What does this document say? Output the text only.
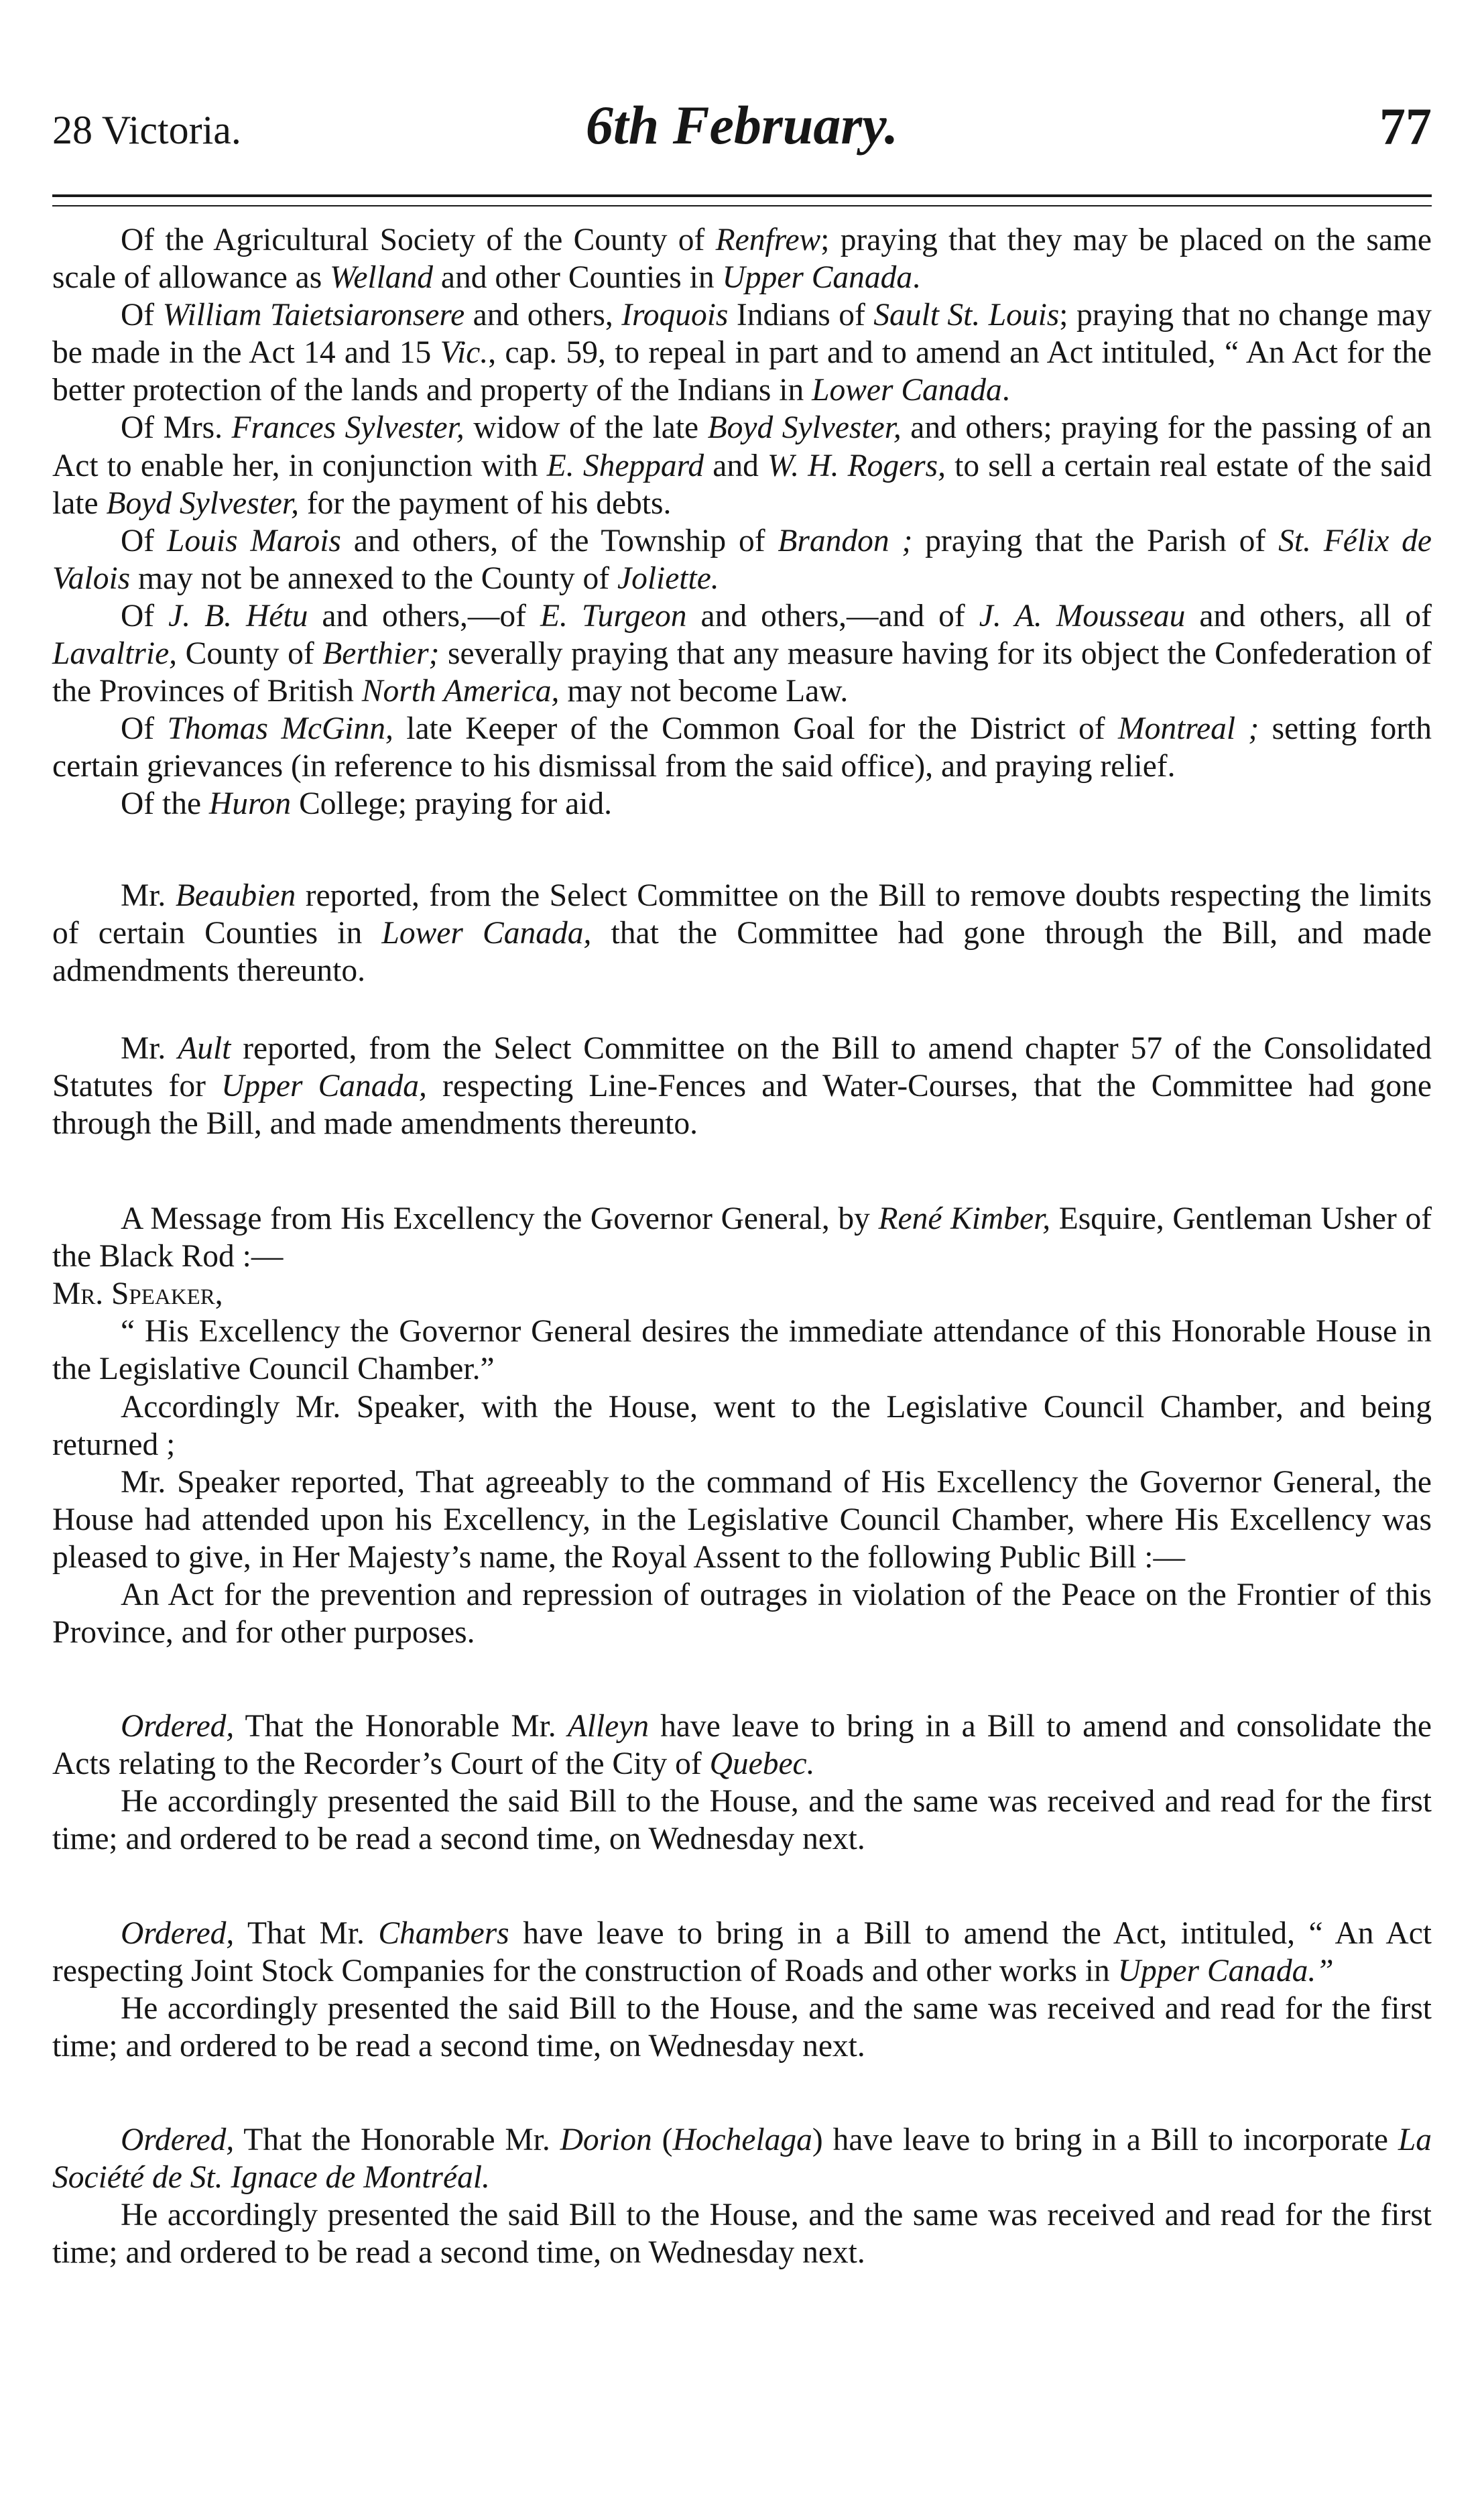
28 Victoria.	6th February.	77

Of the Agricultural Society of the County of Renfrew; praying that they may be placed on the same scale of allowance as Welland and other Counties in Upper Canada.

Of William Taietsiaronsere and others, Iroquois Indians of Sault St. Louis; praying that no change may be made in the Act 14 and 15 Vic., cap. 59, to repeal in part and to amend an Act intituled, “ An Act for the better protection of the lands and property of the Indians in Lower Canada.

Of Mrs. Frances Sylvester, widow of the late Boyd Sylvester, and others; praying for the passing of an Act to enable her, in conjunction with E. Sheppard and W. H. Rogers, to sell a certain real estate of the said late Boyd Sylvester, for the payment of his debts.

Of Louis Marois and others, of the Township of Brandon ; praying that the Parish of St. Félix de Valois may not be annexed to the County of Joliette.

Of J. B. Hétu and others,—of E. Turgeon and others,—and of J. A. Mousseau and others, all of Lavaltrie, County of Berthier; severally praying that any measure having for its object the Confederation of the Provinces of British North America, may not become Law.

Of Thomas McGinn, late Keeper of the Common Goal for the District of Montreal ; setting forth certain grievances (in reference to his dismissal from the said office), and praying relief.

Of the Huron College; praying for aid.

Mr. Beaubien reported, from the Select Committee on the Bill to remove doubts respecting the limits of certain Counties in Lower Canada, that the Committee had gone through the Bill, and made admendments thereunto.

Mr. Ault reported, from the Select Committee on the Bill to amend chapter 57 of the Consolidated Statutes for Upper Canada, respecting Line-Fences and Water-Courses, that the Committee had gone through the Bill, and made amendments thereunto.

A Message from His Excellency the Governor General, by René Kimber, Esquire, Gentleman Usher of the Black Rod :—

Mr. Speaker,

“ His Excellency the Governor General desires the immediate attendance of this Honorable House in the Legislative Council Chamber.”

Accordingly Mr. Speaker, with the House, went to the Legislative Council Chamber, and being returned ;

Mr. Speaker reported, That agreeably to the command of His Excellency the Governor General, the House had attended upon his Excellency, in the Legislative Council Chamber, where His Excellency was pleased to give, in Her Majesty’s name, the Royal Assent to the following Public Bill :—

An Act for the prevention and repression of outrages in violation of the Peace on the Frontier of this Province, and for other purposes.

Ordered, That the Honorable Mr. Alleyn have leave to bring in a Bill to amend and consolidate the Acts relating to the Recorder’s Court of the City of Quebec.

He accordingly presented the said Bill to the House, and the same was received and read for the first time; and ordered to be read a second time, on Wednesday next.

Ordered, That Mr. Chambers have leave to bring in a Bill to amend the Act, intituled, “ An Act respecting Joint Stock Companies for the construction of Roads and other works in Upper Canada.”

He accordingly presented the said Bill to the House, and the same was received and read for the first time; and ordered to be read a second time, on Wednesday next.

Ordered, That the Honorable Mr. Dorion (Hochelaga) have leave to bring in a Bill to incorporate La Société de St. Ignace de Montréal.

He accordingly presented the said Bill to the House, and the same was received and read for the first time; and ordered to be read a second time, on Wednesday next.
